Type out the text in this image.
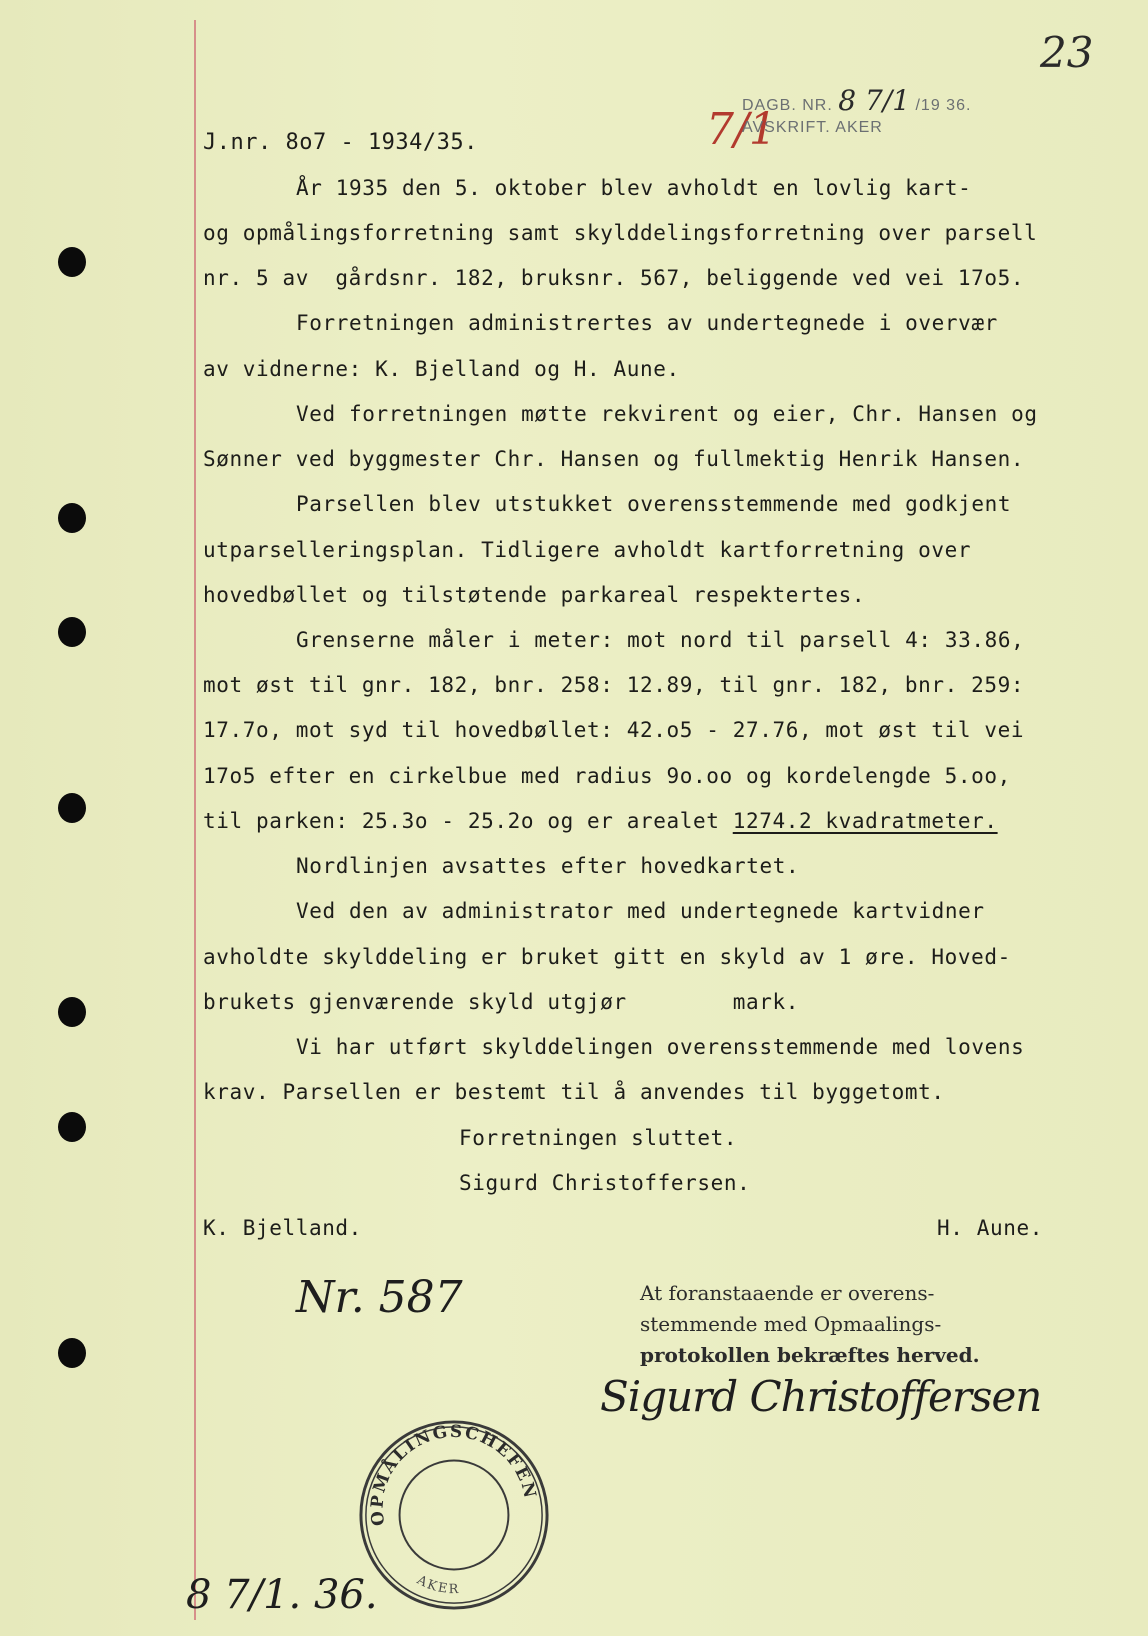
7/1
DAGB. NR. 8 7/1 /19 36.
AVSKRIFT. AKER
23
J.nr. 8o7 - 1934/35.
År 1935 den 5. oktober blev avholdt en lovlig kart-
og opmålingsforretning samt skylddelingsforretning over parsell
nr. 5 av  gårdsnr. 182, bruksnr. 567, beliggende ved vei 17o5.
Forretningen administrertes av undertegnede i overvær
av vidnerne: K. Bjelland og H. Aune.
Ved forretningen møtte rekvirent og eier, Chr. Hansen og
Sønner ved byggmester Chr. Hansen og fullmektig Henrik Hansen.
Parsellen blev utstukket overensstemmende med godkjent
utparselleringsplan. Tidligere avholdt kartforretning over
hovedbøllet og tilstøtende parkareal respektertes.
Grenserne måler i meter: mot nord til parsell 4: 33.86,
mot øst til gnr. 182, bnr. 258: 12.89, til gnr. 182, bnr. 259:
17.7o, mot syd til hovedbøllet: 42.o5 - 27.76, mot øst til vei
17o5 efter en cirkelbue med radius 9o.oo og kordelengde 5.oo,
til parken: 25.3o - 25.2o og er arealet 1274.2 kvadratmeter.
Nordlinjen avsattes efter hovedkartet.
Ved den av administrator med undertegnede kartvidner
avholdte skylddeling er bruket gitt en skyld av 1 øre. Hoved-
brukets gjenværende skyld utgjør        mark.
Vi har utført skylddelingen overensstemmende med lovens
krav. Parsellen er bestemt til å anvendes til byggetomt.
Forretningen sluttet.
Sigurd Christoffersen.
K. Bjelland.	H. Aune.
Nr. 587	At foranstaaende er overens-
stemmende med Opmaalings-
protokollen bekræftes herved.
Sigurd Christoffersen
OPMÅLINGSCHEFEN
AKER
8 7/1. 36.
